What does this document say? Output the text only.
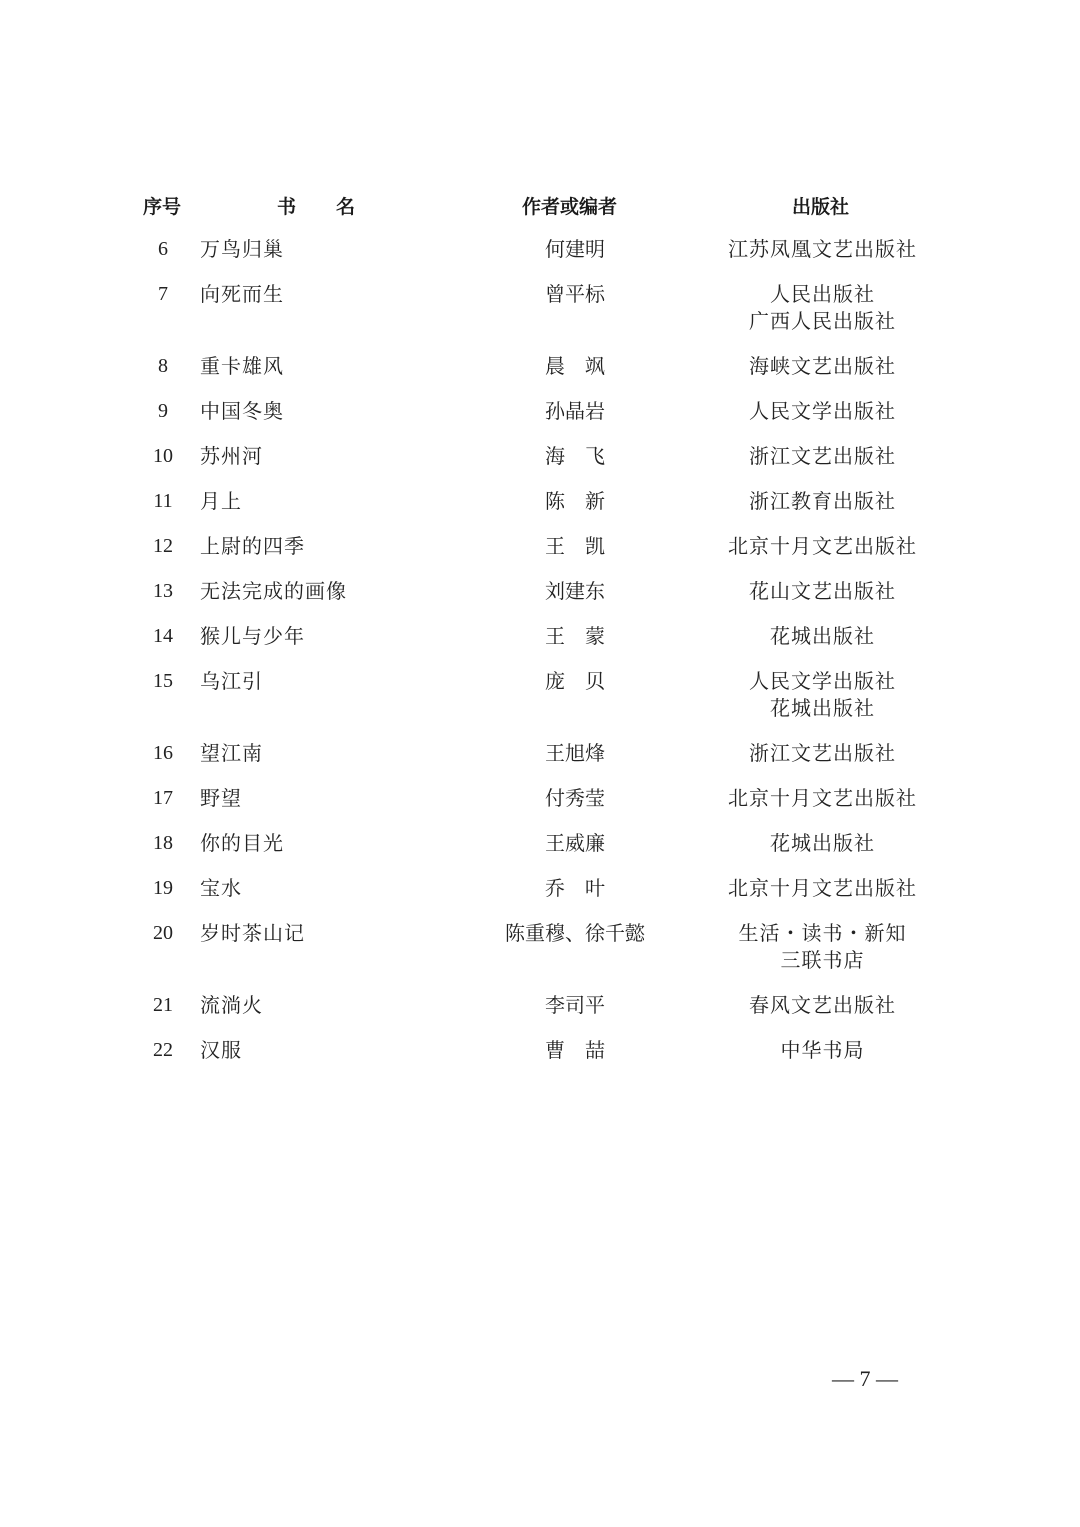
序号	书名	作者或编者	出版社
6	万鸟归巢	何建明	江苏凤凰文艺出版社
7	向死而生	曾平标	人民出版社
广西人民出版社
8	重卡雄风	晨　飒	海峡文艺出版社
9	中国冬奥	孙晶岩	人民文学出版社
10	苏州河	海　飞	浙江文艺出版社
11	月上	陈　新	浙江教育出版社
12	上尉的四季	王　凯	北京十月文艺出版社
13	无法完成的画像	刘建东	花山文艺出版社
14	猴儿与少年	王　蒙	花城出版社
15	乌江引	庞　贝	人民文学出版社
花城出版社
16	望江南	王旭烽	浙江文艺出版社
17	野望	付秀莹	北京十月文艺出版社
18	你的目光	王威廉	花城出版社
19	宝水	乔　叶	北京十月文艺出版社
20	岁时茶山记	陈重穆、徐千懿	生活・读书・新知
三联书店
21	流淌火	李司平	春风文艺出版社
22	汉服	曹　喆	中华书局
— 7 —
